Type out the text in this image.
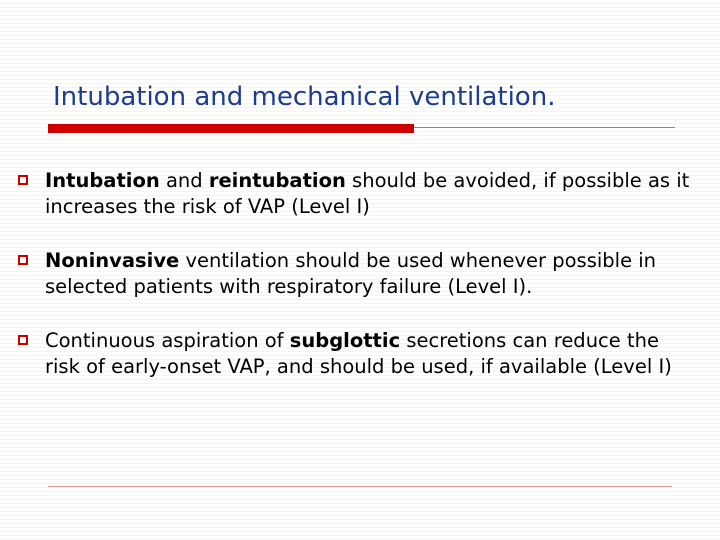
Intubation and mechanical ventilation.
Intubation and reintubation should be avoided, if possible as it increases the risk of VAP (Level I)
Noninvasive ventilation should be used whenever possible in selected patients with respiratory failure (Level I).
Continuous aspiration of subglottic secretions can reduce the risk of early-onset VAP, and should be used, if available (Level I)
